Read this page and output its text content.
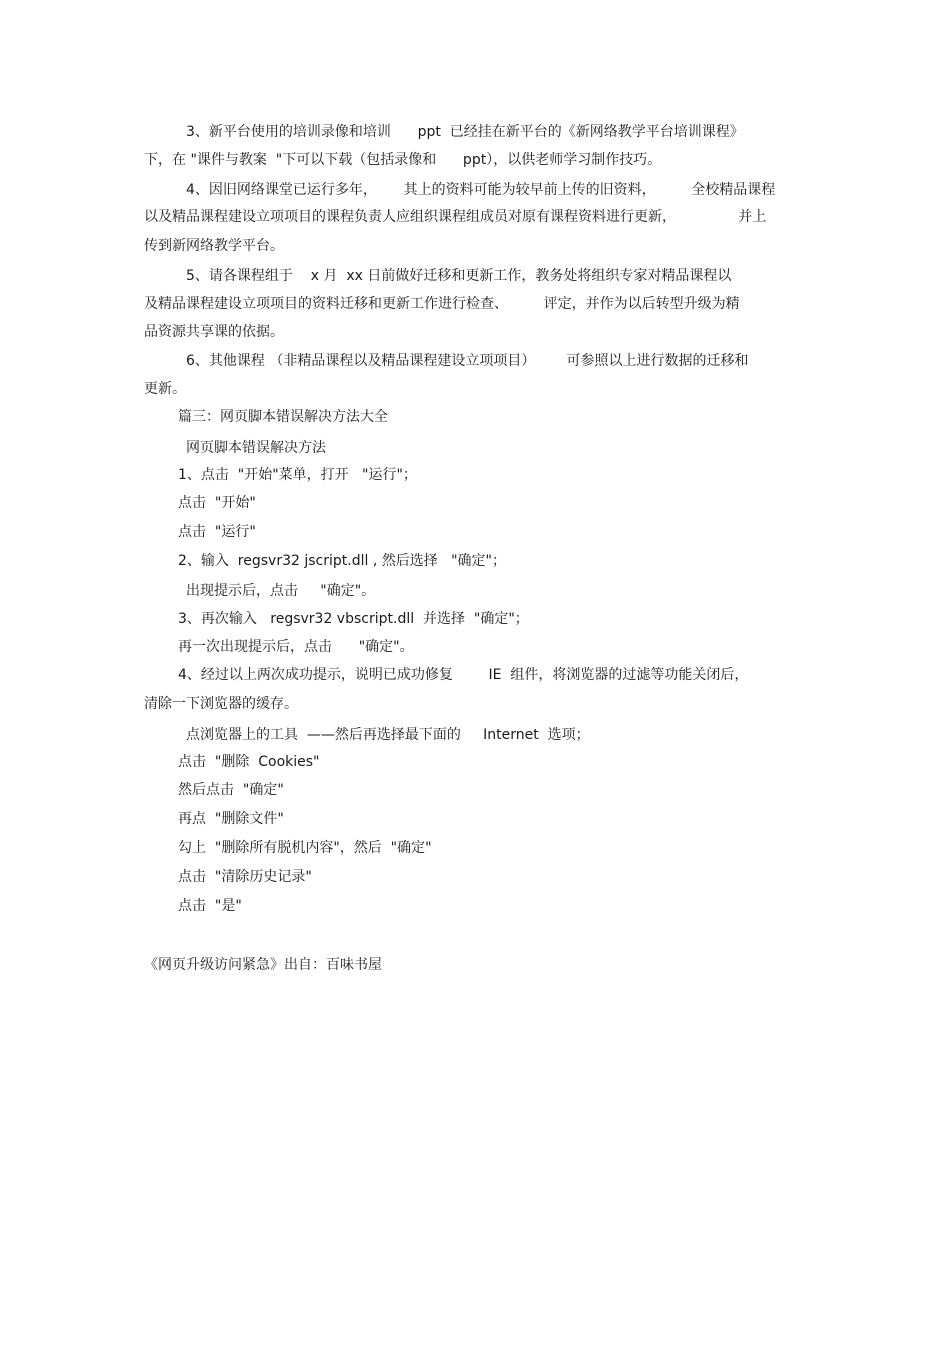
3、新平台使用的培训录像和培训      ppt  已经挂在新平台的《新网络教学平台培训课程》
下，在 "课件与教案  "下可以下载（包括录像和      ppt），以供老师学习制作技巧。
4、因旧网络课堂已运行多年，      其上的资料可能为较早前上传的旧资料，        全校精品课程
以及精品课程建设立项项目的课程负责人应组织课程组成员对原有课程资料进行更新，              并上
传到新网络教学平台。
5、请各课程组于    x 月  xx 日前做好迁移和更新工作，教务处将组织专家对精品课程以
及精品课程建设立项项目的资料迁移和更新工作进行检查、        评定，并作为以后转型升级为精
品资源共享课的依据。
6、其他课程 （非精品课程以及精品课程建设立项项目）       可参照以上进行数据的迁移和
更新。
篇三：网页脚本错误解决方法大全
网页脚本错误解决方法
1、点击  "开始"菜单，打开   "运行"；
点击  "开始"
点击  "运行"
2、输入  regsvr32 jscript.dll , 然后选择   "确定"；
出现提示后，点击     "确定"。
3、再次输入   regsvr32 vbscript.dll  并选择  "确定"；
再一次出现提示后，点击      "确定"。
4、经过以上两次成功提示，说明已成功修复        IE  组件，将浏览器的过滤等功能关闭后，
清除一下浏览器的缓存。
点浏览器上的工具  ——然后再选择最下面的     Internet  选项；
点击  "删除  Cookies"
然后点击  "确定"
再点  "删除文件"
勾上  "删除所有脱机内容"，然后  "确定"
点击  "清除历史记录"
点击  "是"
《网页升级访问紧急》出自：百味书屋
